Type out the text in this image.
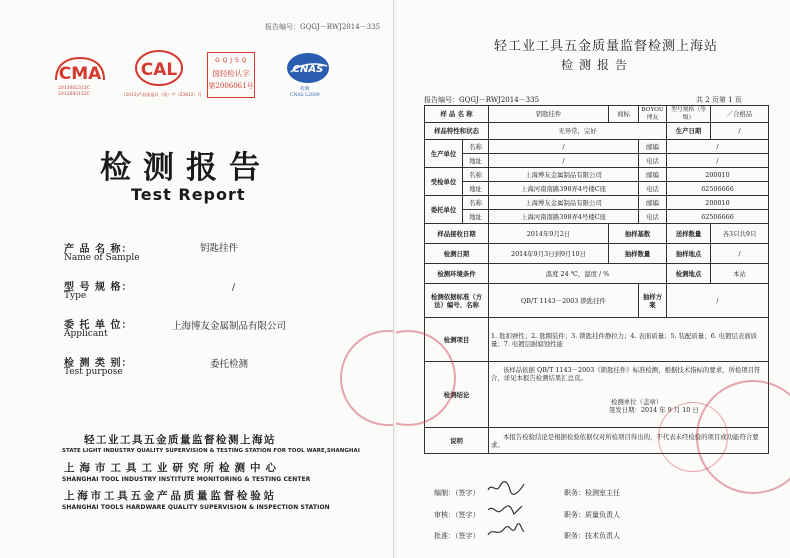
报告编号：GQGJ－RWJ2014－335
CMA
2013002315C
2012093152C
CAL
(2013)产品质监认（国）字（Z3612）号
G Q J S Q
国轻检认字
第2006061号
CNAS
检测
CNAS L2809
检测报告
Test Report
产 品 名 称：
Name of Sample
钥匙挂件
型 号 规 格：
Type
/
委 托 单 位：
Applicant
上海博友金属制品有限公司
检 测 类 别：
Test purpose
委托检测
轻工业工具五金质量监督检测上海站
STATE LIGHT INDUSTRY QUALITY SUPERVISION & TESTING STATION FOR TOOL WARE,SHANGHAI
上海市工具工业研究所检测中心
SHANGHAI TOOL INDUSTRY INSTITUTE MONITORING & TESTING CENTER
上海市工具五金产品质量监督检验站
SHANGHAI TOOLS HARDWARE QUALITY SUPERVISION & INSPECTION STATION
轻工业工具五金质量监督检测上海站
检测报告
报告编号：GQGJ－RWJ2014－335	共 2 页第 1 页
样 品 名 称		钥匙挂件	商标	BOYOU博友	型号规格（等级）	／合格品
样品特性和状态		无异常，完好			生产日期	/
生产单位	名称	/		邮编	/	
	地址	/		电话	/	
受检单位	名称	上海博友金属制品有限公司		邮编	200010	
	地址	上海河南南路398弄4号楼C座		电话	62506666	
委托单位	名称	上海博友金属制品有限公司		邮编	200010	
	地址	上海河南南路398弄4号楼C座		电话	62506666	
样品接收日期		2014年9月2日	抽样基数		送样数量	各3只共9只
检测日期		2014年9月3日到9月10日	抽样数量		抽样地点	/
检测环境条件		温度 24 ℃，湿度 / %			检测地点	本站
检测依据标准（方法）编号、名称		QB/T 1143－2003 锁匙挂件		抽样方案	/	
检测项目		1. 匙扣弹性；2. 匙圈装件；3. 锁匙挂件静拉力；4. 表面质量；5. 装配质量；6. 电镀层表面质量；7. 电镀层耐腐蚀性能				
检测结论		该样品依据 QB/T 1143－2003《锁匙挂件》标准检测，根据技术指标的要求，所检项目符合，详见本报告检测结果汇总页。
检测单位（盖章）
签发日期：2014 年 9 月 10 日				

说明		本报告检验结论是根据检验依据仅对所检项目得出的，不代表未经检验的项目或功能符合要求。				
编制：（签字）	职务：检测室主任
审核：（签字）	职务：质量负责人
批准：（签字）	职务：技术负责人
